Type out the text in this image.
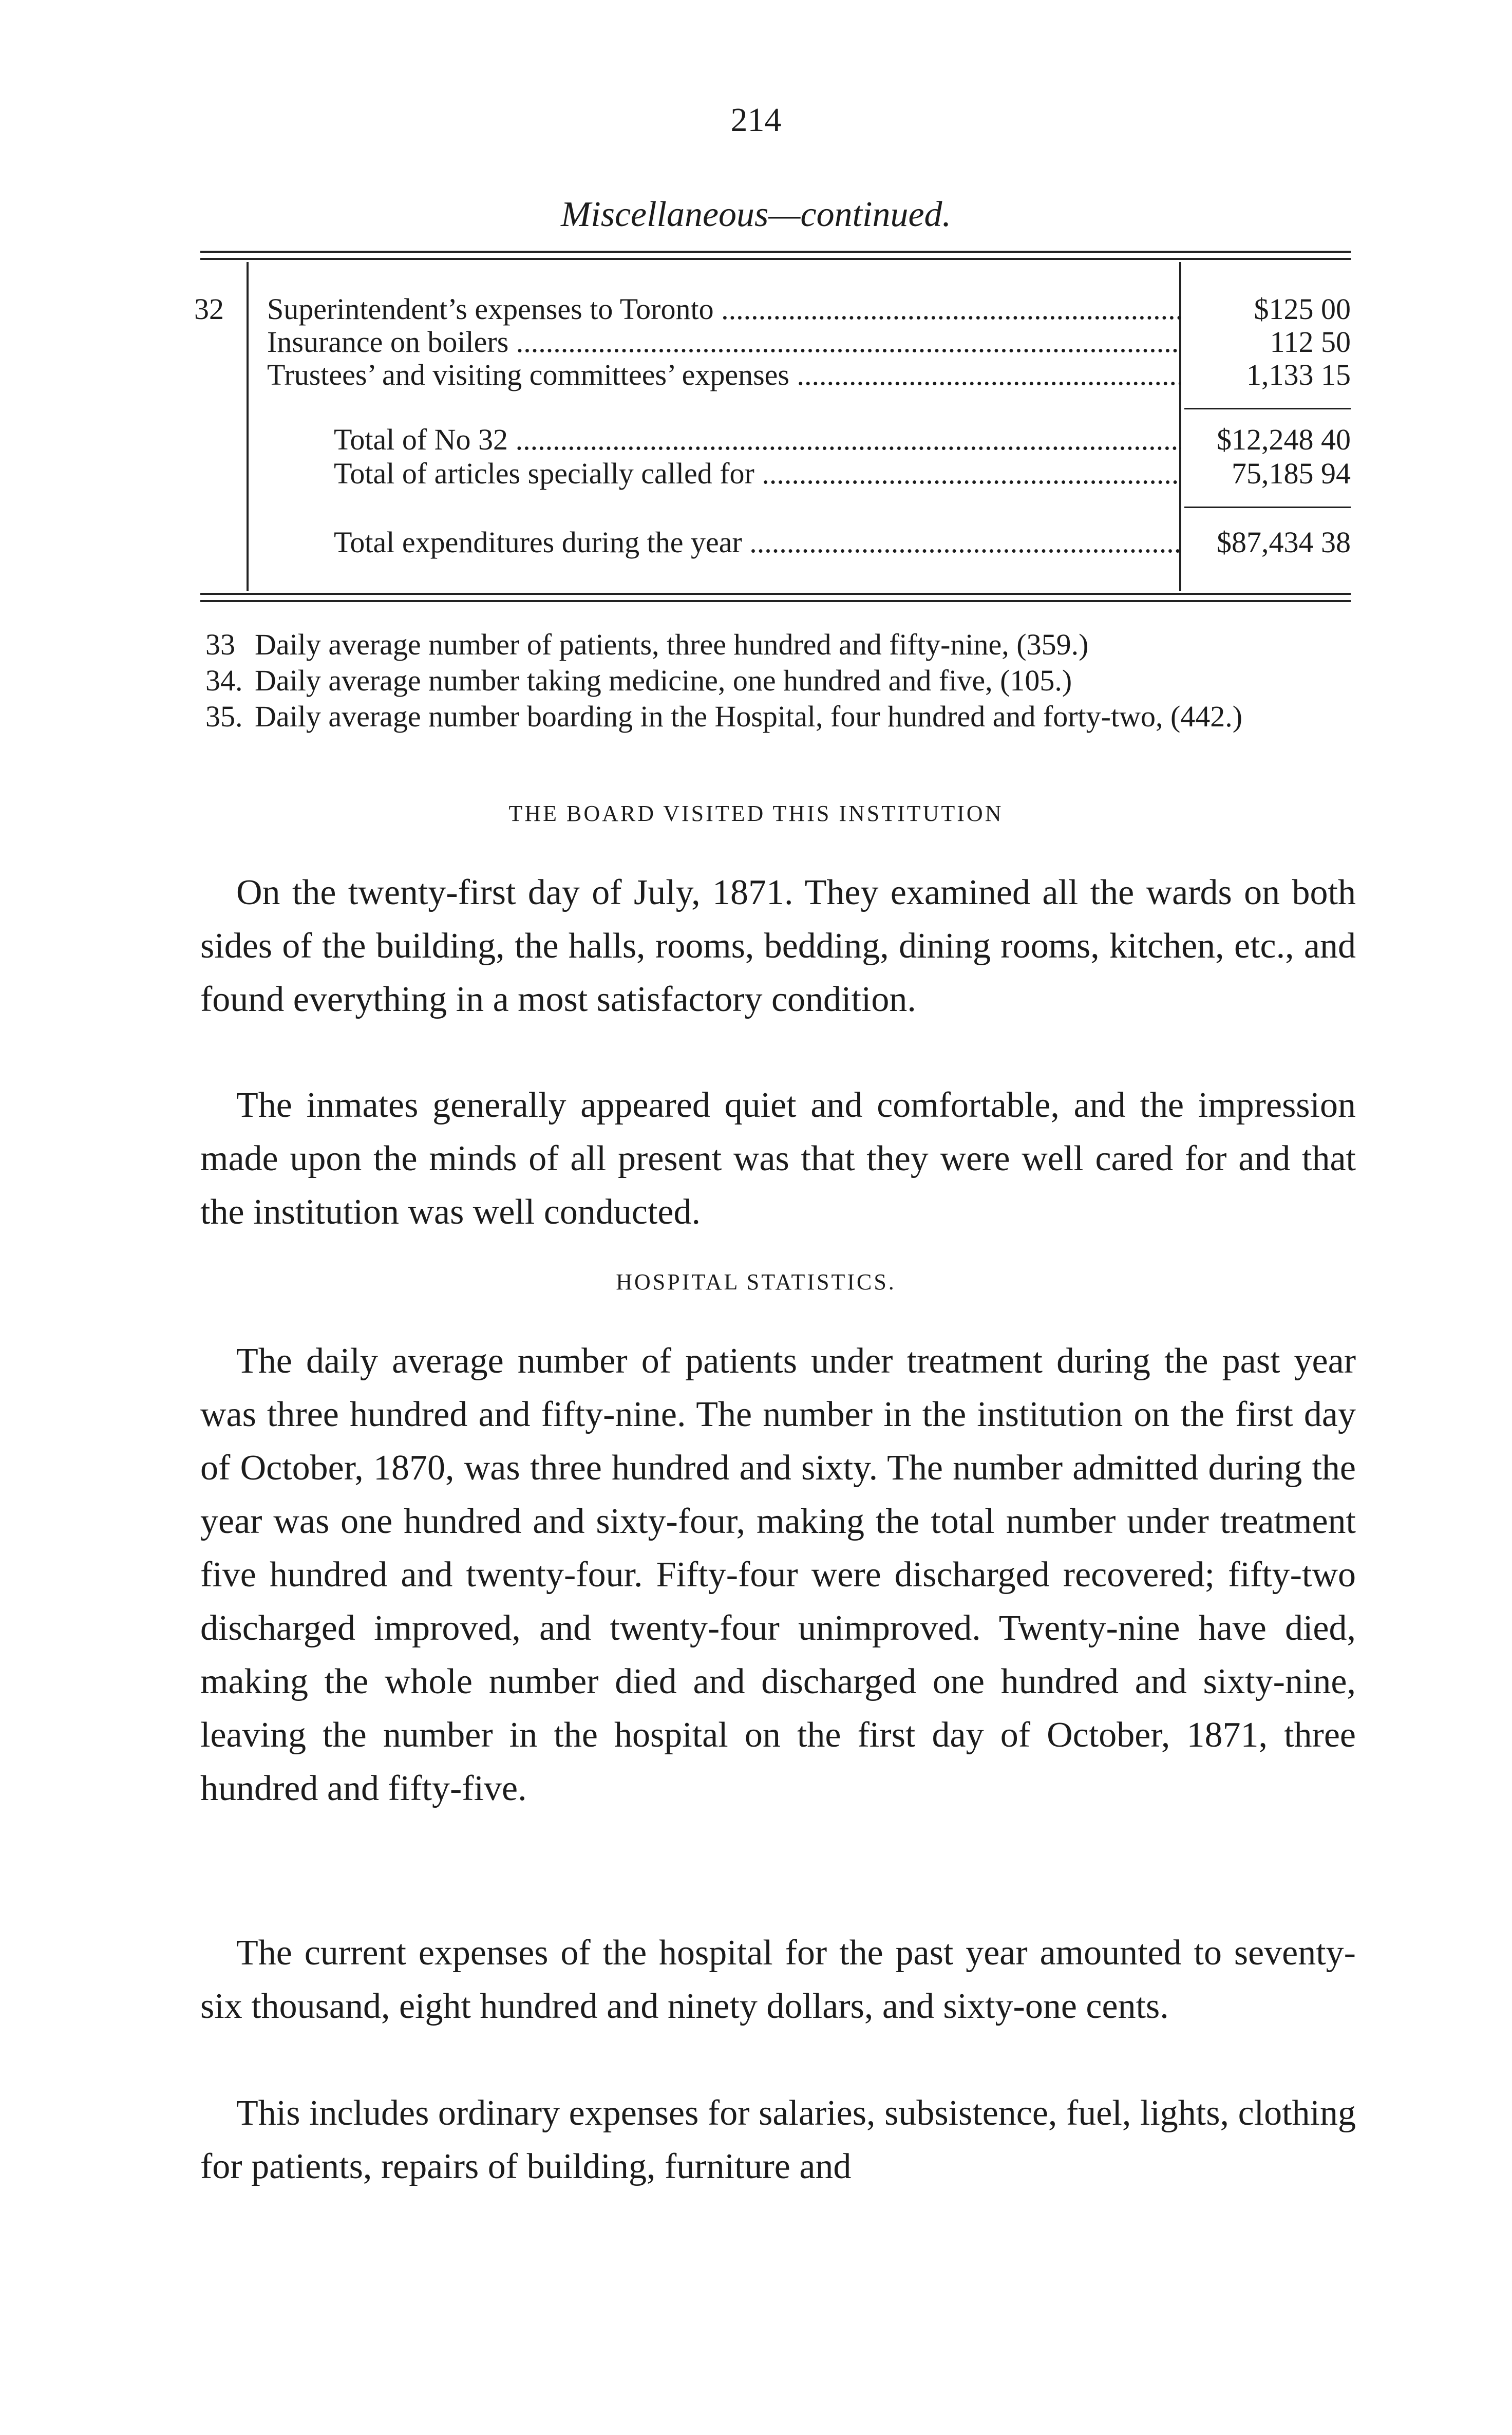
214
Miscellaneous—continued.
32 Superintendent’s expenses to Toronto .....	$125 00
Insurance on boilers .....	112 50
Trustees’ and visiting committees’ expenses .....	1,133 15
Total of No 32 .....	$12,248 40
Total of articles specially called for .....	75,185 94
Total expenditures during the year .....	$87,434 38
33 Daily average number of patients, three hundred and fifty-nine, (359.)
34. Daily average number taking medicine, one hundred and five, (105.)
35. Daily average number boarding in the Hospital, four hundred and forty-two, (442.)
THE BOARD VISITED THIS INSTITUTION

On the twenty-first day of July, 1871. They examined all the wards on both sides of the building, the halls, rooms, bedding, dining rooms, kitchen, etc., and found everything in a most satisfactory condition.

The inmates generally appeared quiet and comfortable, and the impression made upon the minds of all present was that they were well cared for and that the institution was well conducted.

HOSPITAL STATISTICS.

The daily average number of patients under treatment during the past year was three hundred and fifty-nine. The number in the institution on the first day of October, 1870, was three hundred and sixty. The number admitted during the year was one hundred and sixty-four, making the total number under treatment five hundred and twenty-four. Fifty-four were discharged recovered; fifty-two discharged improved, and twenty-four unimproved. Twenty-nine have died, making the whole number died and discharged one hundred and sixty-nine, leaving the number in the hospital on the first day of October, 1871, three hundred and fifty-five.

The current expenses of the hospital for the past year amounted to seventy-six thousand, eight hundred and ninety dollars, and sixty-one cents.

This includes ordinary expenses for salaries, subsistence, fuel, lights, clothing for patients, repairs of building, furniture and
